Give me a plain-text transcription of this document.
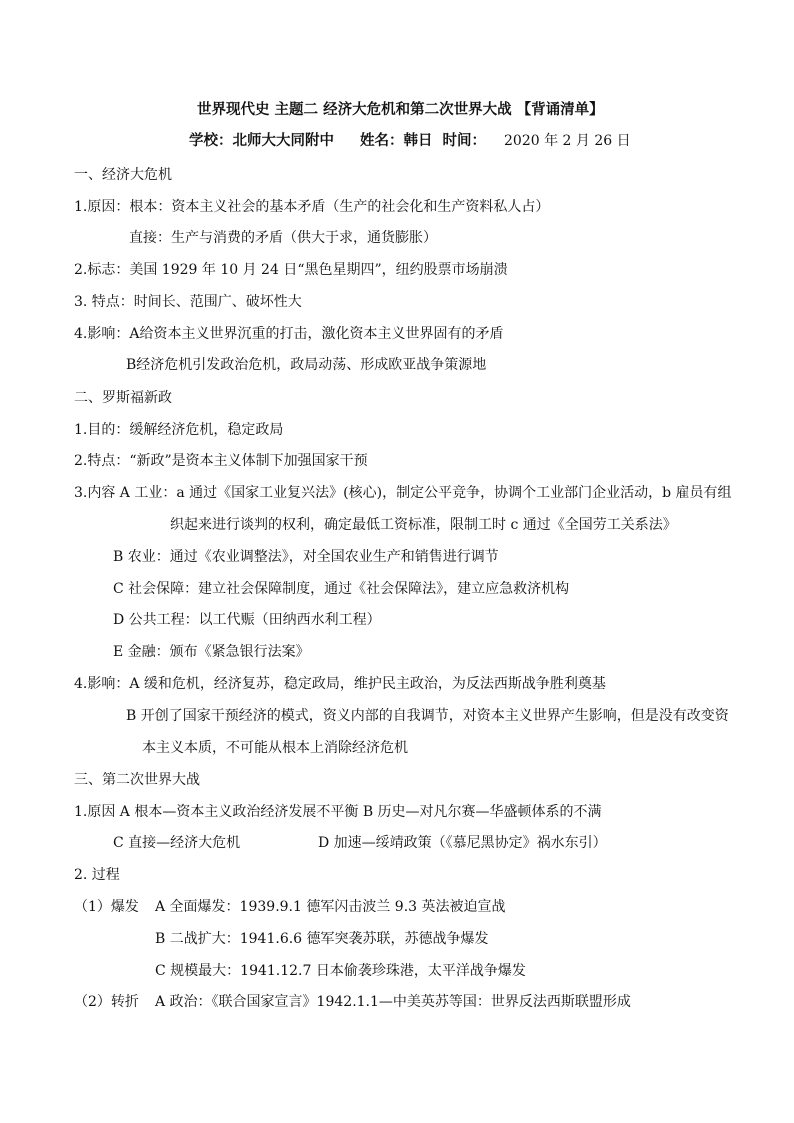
世界现代史 主题二 经济大危机和第二次世界大战 【背诵清单】
学校：北师大大同附中 姓名：韩日 时间： 2020 年 2 月 26 日
一、经济大危机
1.原因：根本：资本主义社会的基本矛盾（生产的社会化和生产资料私人占）
直接：生产与消费的矛盾（供大于求，通货膨胀）
2.标志：美国 1929 年 10 月 24 日“黑色星期四”，纽约股票市场崩溃
3. 特点：时间长、范围广、破坏性大
4.影响：A给资本主义世界沉重的打击，激化资本主义世界固有的矛盾
B经济危机引发政治危机，政局动荡、形成欧亚战争策源地
二、罗斯福新政
1.目的：缓解经济危机，稳定政局
2.特点：“新政”是资本主义体制下加强国家干预
3.内容 A 工业：a 通过《国家工业复兴法》(核心)，制定公平竞争，协调个工业部门企业活动，b 雇员有组
织起来进行谈判的权利，确定最低工资标准，限制工时 c 通过《全国劳工关系法》
B 农业：通过《农业调整法》，对全国农业生产和销售进行调节
C 社会保障：建立社会保障制度，通过《社会保障法》，建立应急救济机构
D 公共工程：以工代赈（田纳西水利工程）
E 金融：颁布《紧急银行法案》
4.影响：A 缓和危机，经济复苏，稳定政局，维护民主政治，为反法西斯战争胜利奠基
B 开创了国家干预经济的模式，资义内部的自我调节，对资本主义世界产生影响，但是没有改变资
本主义本质，不可能从根本上消除经济危机
三、第二次世界大战
1.原因 A 根本—资本主义政治经济发展不平衡 B 历史—对凡尔赛—华盛顿体系的不满
C 直接—经济大危机	D 加速—绥靖政策（《慕尼黑协定》祸水东引）
2. 过程
（1）爆发 A 全面爆发：1939.9.1 德军闪击波兰 9.3 英法被迫宣战
B 二战扩大：1941.6.6 德军突袭苏联，苏德战争爆发
C 规模最大：1941.12.7 日本偷袭珍珠港，太平洋战争爆发
（2）转折 A 政治：《联合国家宣言》1942.1.1—中美英苏等国：世界反法西斯联盟形成
